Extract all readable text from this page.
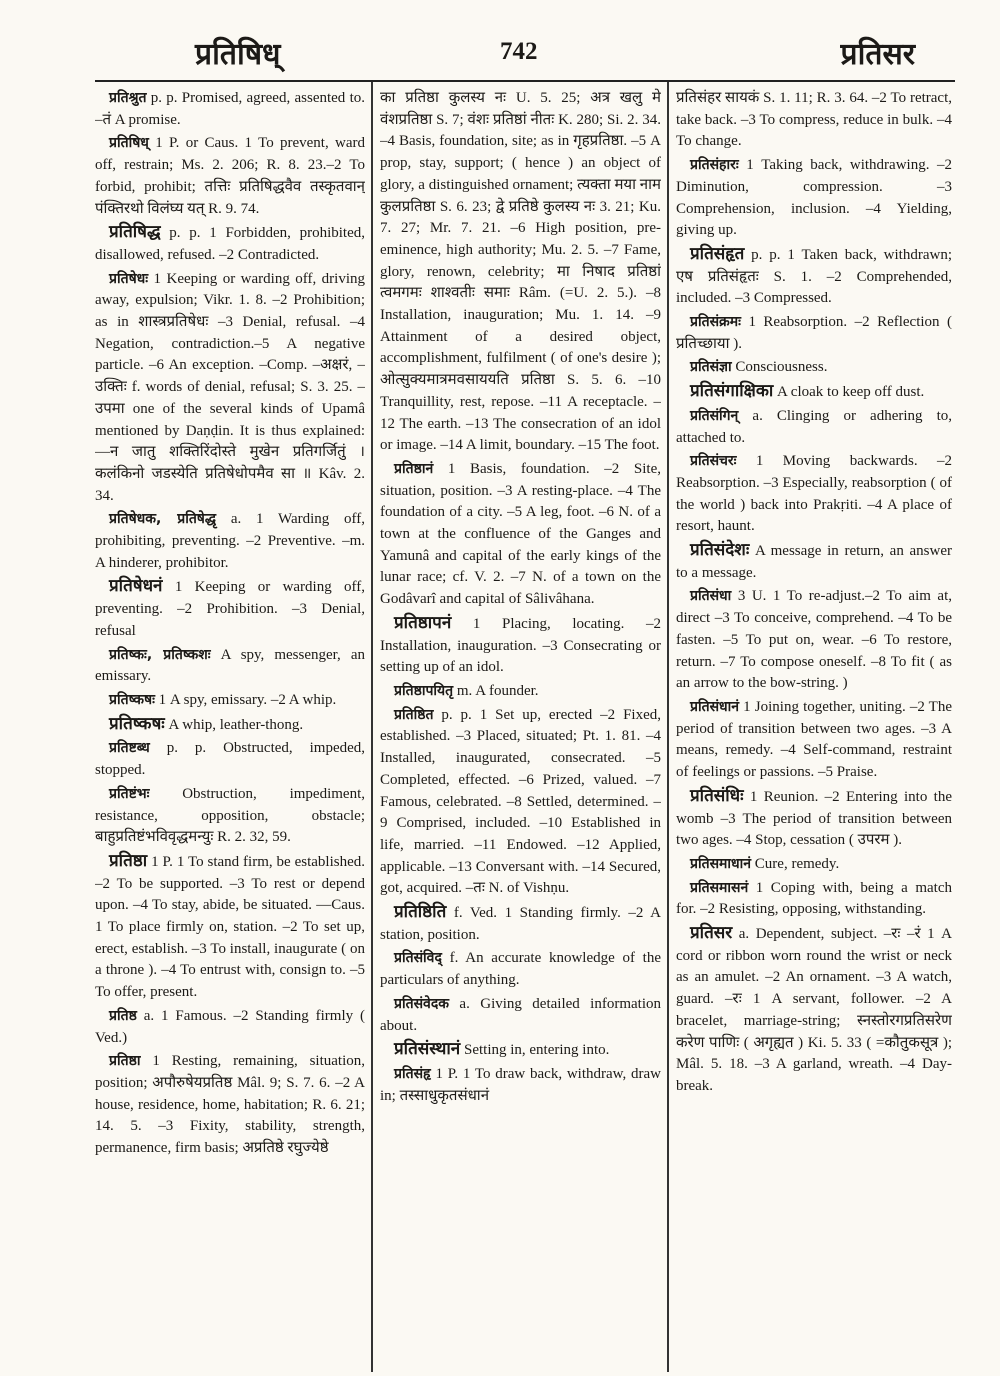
प्रतिषिध्	742	प्रतिसर

प्रतिश्रुत p. p. Promised, agreed, assented to. –तं A promise.

प्रतिषिध् 1 P. or Caus. 1 To prevent, ward off, restrain; Ms. 2. 206; R. 8. 23.–2 To forbid, prohibit; तत्तिः प्रतिषिद्धवैव तस्कृतवान् पंक्तिरथो विलंघ्य यत् R. 9. 74.

प्रतिषिद्ध p. p. 1 Forbidden, prohibited, disallowed, refused. –2 Contradicted.

प्रतिषेधः 1 Keeping or warding off, driving away, expulsion; Vikr. 1. 8. –2 Prohibition; as in शास्त्रप्रतिषेधः –3 Denial, refusal. –4 Negation, contradiction.–5 A negative particle. –6 An exception. –Comp. –अक्षरं, –उक्तिः f. words of denial, refusal; S. 3. 25. –उपमा one of the several kinds of Upamâ mentioned by Daṇḍin. It is thus explained:—न जातु शक्तिरिंदोस्ते मुखेन प्रतिगर्जितुं । कलंकिनो जडस्येति प्रतिषेधोपमैव सा ॥ Kâv. 2. 34.

प्रतिषेधक, प्रतिषेद्धृ a. 1 Warding off, prohibiting, preventing. –2 Preventive. –m. A hinderer, prohibitor.

प्रतिषेधनं 1 Keeping or warding off, preventing. –2 Prohibition. –3 Denial, refusal

प्रतिष्कः, प्रतिष्कशः A spy, messenger, an emissary.

प्रतिष्कषः 1 A spy, emissary. –2 A whip.

प्रतिष्कषः A whip, leather-thong.

प्रतिष्टब्ध p. p. Obstructed, impeded, stopped.

प्रतिष्टंभः Obstruction, impediment, resistance, opposition, obstacle; बाहुप्रतिष्टंभविवृद्धमन्युः R. 2. 32, 59.

प्रतिष्ठा 1 P. 1 To stand firm, be established. –2 To be supported. –3 To rest or depend upon. –4 To stay, abide, be situated. —Caus. 1 To place firmly on, station. –2 To set up, erect, establish. –3 To install, inaugurate ( on a throne ). –4 To entrust with, consign to. –5 To offer, present.

प्रतिष्ठ a. 1 Famous. –2 Standing firmly ( Ved.)

प्रतिष्ठा 1 Resting, remaining, situation, position; अपौरुषेयप्रतिष्ठ Mâl. 9; S. 7. 6. –2 A house, residence, home, habitation; R. 6. 21; 14. 5. –3 Fixity, stability, strength, permanence, firm basis; अप्रतिष्ठे रघुज्येष्ठे

का प्रतिष्ठा कुलस्य नः U. 5. 25; अत्र खलु मे वंशप्रतिष्ठा S. 7; वंशः प्रतिष्ठां नीतः K. 280; Si. 2. 34. –4 Basis, foundation, site; as in गृहप्रतिष्ठा. –5 A prop, stay, support; ( hence ) an object of glory, a distinguished ornament; त्यक्ता मया नाम कुलप्रतिष्ठा S. 6. 23; द्वे प्रतिष्ठे कुलस्य नः 3. 21; Ku. 7. 27; Mr. 7. 21. –6 High position, pre-eminence, high authority; Mu. 2. 5. –7 Fame, glory, renown, celebrity; मा निषाद प्रतिष्ठां त्वमगमः शाश्वतीः समाः Râm. (=U. 2. 5.). –8 Installation, inauguration; Mu. 1. 14. –9 Attainment of a desired object, accomplishment, fulfilment ( of one's desire ); ओत्सुक्यमात्रमवसाययति प्रतिष्ठा S. 5. 6. –10 Tranquillity, rest, repose. –11 A receptacle. –12 The earth. –13 The consecration of an idol or image. –14 A limit, boundary. –15 The foot.

प्रतिष्ठानं 1 Basis, foundation. –2 Site, situation, position. –3 A resting-place. –4 The foundation of a city. –5 A leg, foot. –6 N. of a town at the confluence of the Ganges and Yamunâ and capital of the early kings of the lunar race; cf. V. 2. –7 N. of a town on the Godâvarî and capital of Sâlivâhana.

प्रतिष्ठापनं 1 Placing, locating. –2 Installation, inauguration. –3 Consecrating or setting up of an idol.

प्रतिष्ठापयितृ m. A founder.

प्रतिष्ठित p. p. 1 Set up, erected –2 Fixed, established. –3 Placed, situated; Pt. 1. 81. –4 Installed, inaugurated, consecrated. –5 Completed, effected. –6 Prized, valued. –7 Famous, celebrated. –8 Settled, determined. –9 Comprised, included. –10 Established in life, married. –11 Endowed. –12 Applied, applicable. –13 Conversant with. –14 Secured, got, acquired. –तः N. of Vishṇu.

प्रतिष्ठिति f. Ved. 1 Standing firmly. –2 A station, position.

प्रतिसंविद् f. An accurate knowledge of the particulars of anything.

प्रतिसंवेदक a. Giving detailed information about.

प्रतिसंस्थानं Setting in, entering into.

प्रतिसंहृ 1 P. 1 To draw back, withdraw, draw in; तस्साधुकृतसंधानं

प्रतिसंहर सायकं S. 1. 11; R. 3. 64. –2 To retract, take back. –3 To compress, reduce in bulk. –4 To change.

प्रतिसंहारः 1 Taking back, withdrawing. –2 Diminution, compression. –3 Comprehension, inclusion. –4 Yielding, giving up.

प्रतिसंहृत p. p. 1 Taken back, withdrawn; एष प्रतिसंहृतः S. 1. –2 Comprehended, included. –3 Compressed.

प्रतिसंक्रमः 1 Reabsorption. –2 Reflection ( प्रतिच्छाया ).

प्रतिसंज्ञा Consciousness.

प्रतिसंगाक्षिका A cloak to keep off dust.

प्रतिसंगिन् a. Clinging or adhering to, attached to.

प्रतिसंचरः 1 Moving backwards. –2 Reabsorption. –3 Especially, reabsorption ( of the world ) back into Prakṛiti. –4 A place of resort, haunt.

प्रतिसंदेशः A message in return, an answer to a message.

प्रतिसंधा 3 U. 1 To re-adjust.–2 To aim at, direct –3 To conceive, comprehend. –4 To be fasten. –5 To put on, wear. –6 To restore, return. –7 To compose oneself. –8 To fit ( as an arrow to the bow-string. )

प्रतिसंधानं 1 Joining together, uniting. –2 The period of transition between two ages. –3 A means, remedy. –4 Self-command, restraint of feelings or passions. –5 Praise.

प्रतिसंधिः 1 Reunion. –2 Entering into the womb –3 The period of transition between two ages. –4 Stop, cessation ( उपरम ).

प्रतिसमाधानं Cure, remedy.

प्रतिसमासनं 1 Coping with, being a match for. –2 Resisting, opposing, withstanding.

प्रतिसर a. Dependent, subject. –रः –रं 1 A cord or ribbon worn round the wrist or neck as an amulet. –2 An ornament. –3 A watch, guard. –रः 1 A servant, follower. –2 A bracelet, marriage-string; स्नस्तोरगप्रतिसरेण करेण पाणिः ( अगृह्यत ) Ki. 5. 33 ( =कौतुकसूत्र ); Mâl. 5. 18. –3 A garland, wreath. –4 Day-break.
